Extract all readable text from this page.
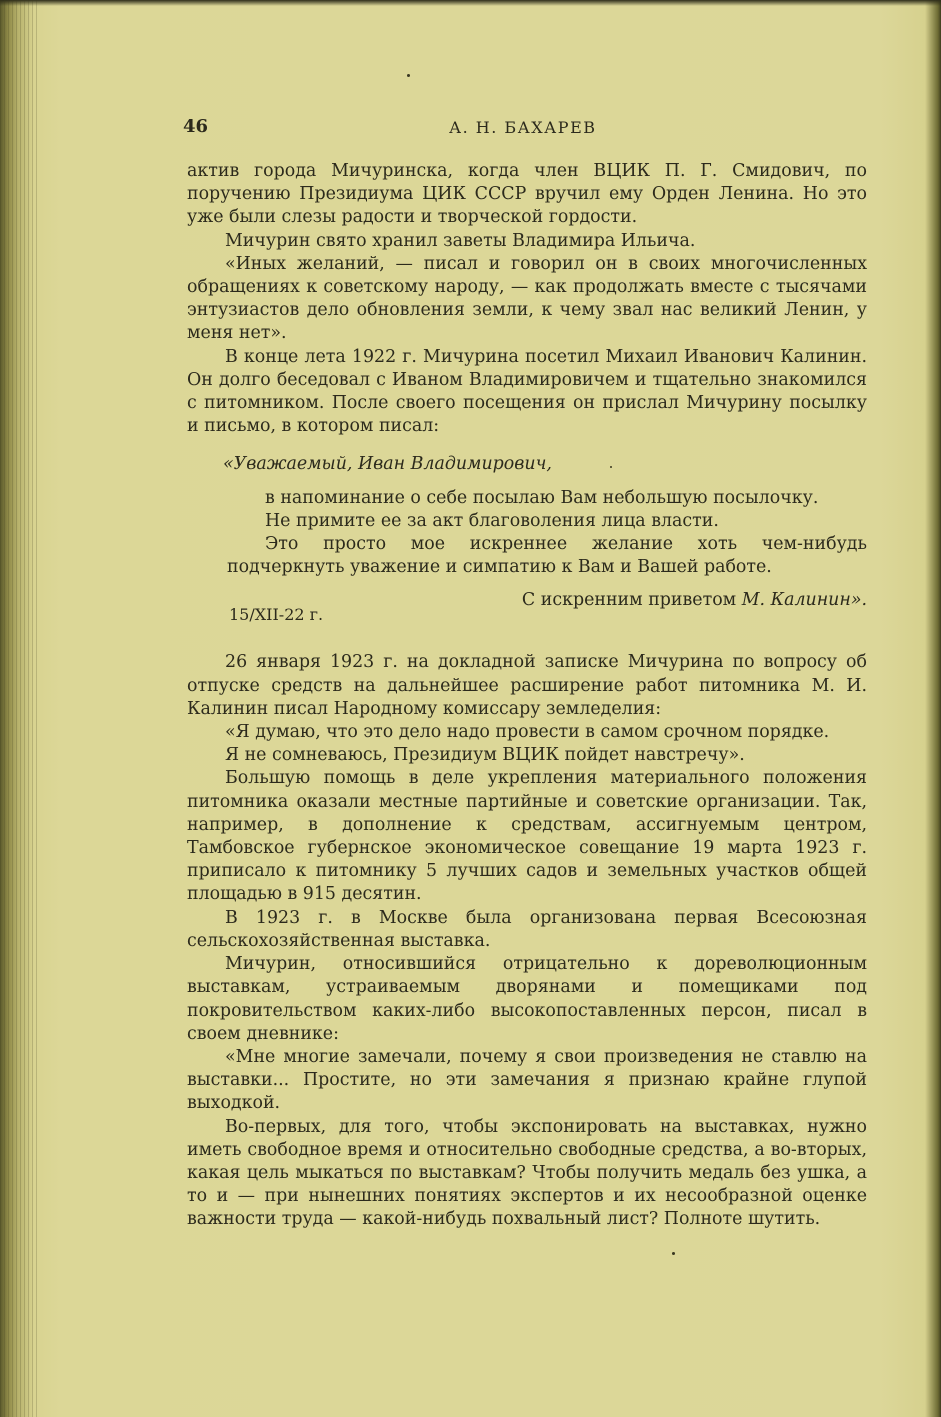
46	А. Н. БАХАРЕВ

актив города Мичуринска, когда член ВЦИК П. Г. Смидович, по поручению Президиума ЦИК СССР вручил ему Орден Ленина. Но это уже были слезы радости и творческой гордости.

Мичурин свято хранил заветы Владимира Ильича.

«Иных желаний, — писал и говорил он в своих многочисленных обращениях к советскому народу, — как продолжать вместе с тысячами энтузиастов дело обновления земли, к чему звал нас великий Ленин, у меня нет».

В конце лета 1922 г. Мичурина посетил Михаил Иванович Калинин. Он долго беседовал с Иваном Владимировичем и тщательно знакомился с питомником. После своего посещения он прислал Мичурину посылку и письмо, в котором писал:

«Уважаемый, Иван Владимирович,

в напоминание о себе посылаю Вам небольшую посылочку.

Не примите ее за акт благоволения лица власти.

Это просто мое искреннее желание хоть чем-нибудь подчеркнуть уважение и симпатию к Вам и Вашей работе.

С искренним приветом М. Калинин».
15/XII-22 г.

26 января 1923 г. на докладной записке Мичурина по вопросу об отпуске средств на дальнейшее расширение работ питомника М. И. Калинин писал Народному комиссару земледелия:

«Я думаю, что это дело надо провести в самом срочном порядке.

Я не сомневаюсь, Президиум ВЦИК пойдет навстречу».

Большую помощь в деле укрепления материального положения питомника оказали местные партийные и советские организации. Так, например, в дополнение к средствам, ассигнуемым центром, Тамбовское губернское экономическое совещание 19 марта 1923 г. приписало к питомнику 5 лучших садов и земельных участков общей площадью в 915 десятин.

В 1923 г. в Москве была организована первая Всесоюзная сельскохозяйственная выставка.

Мичурин, относившийся отрицательно к дореволюционным выставкам, устраиваемым дворянами и помещиками под покровительством каких-либо высокопоставленных персон, писал в своем дневнике:

«Мне многие замечали, почему я свои произведения не ставлю на выставки... Простите, но эти замечания я признаю крайне глупой выходкой.

Во-первых, для того, чтобы экспонировать на выставках, нужно иметь свободное время и относительно свободные средства, а во-вторых, какая цель мыкаться по выставкам? Чтобы получить медаль без ушка, а то и — при нынешних понятиях экспертов и их несообразной оценке важности труда — какой-нибудь похвальный лист? Полноте шутить.
